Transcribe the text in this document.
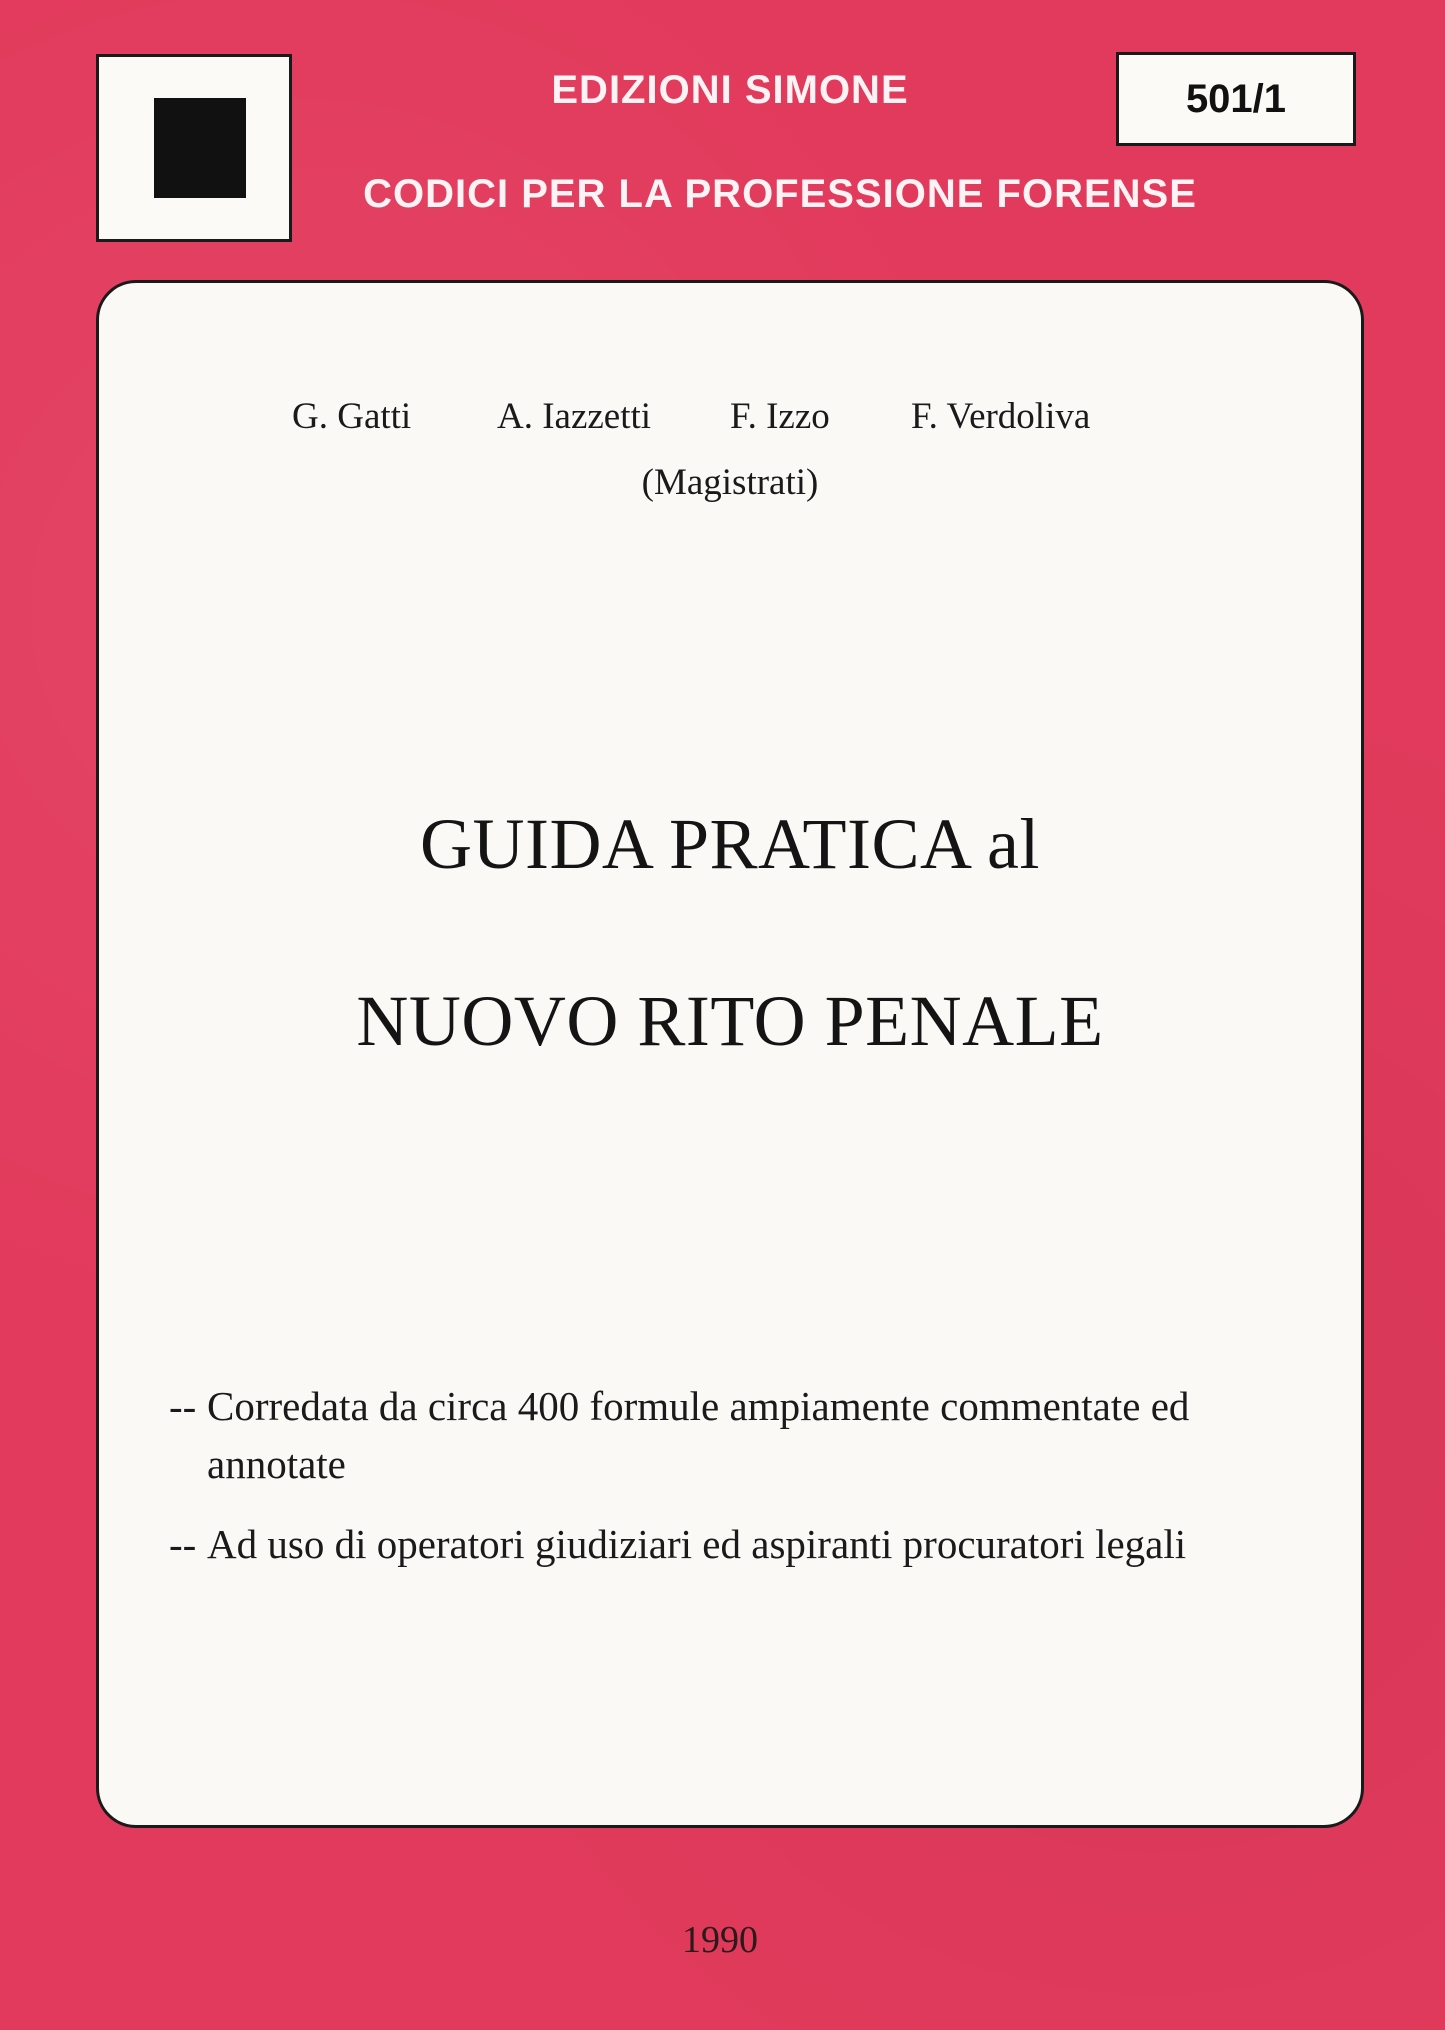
EDIZIONI SIMONE
CODICI PER LA PROFESSIONE FORENSE
501/1
G. Gatti A. Iazzetti F. Izzo F. Verdoliva
(Magistrati)
GUIDA PRATICA al
NUOVO RITO PENALE
-- Corredata da circa 400 formule ampiamente commentate ed annotate
-- Ad uso di operatori giudiziari ed aspiranti procuratori legali
1990
